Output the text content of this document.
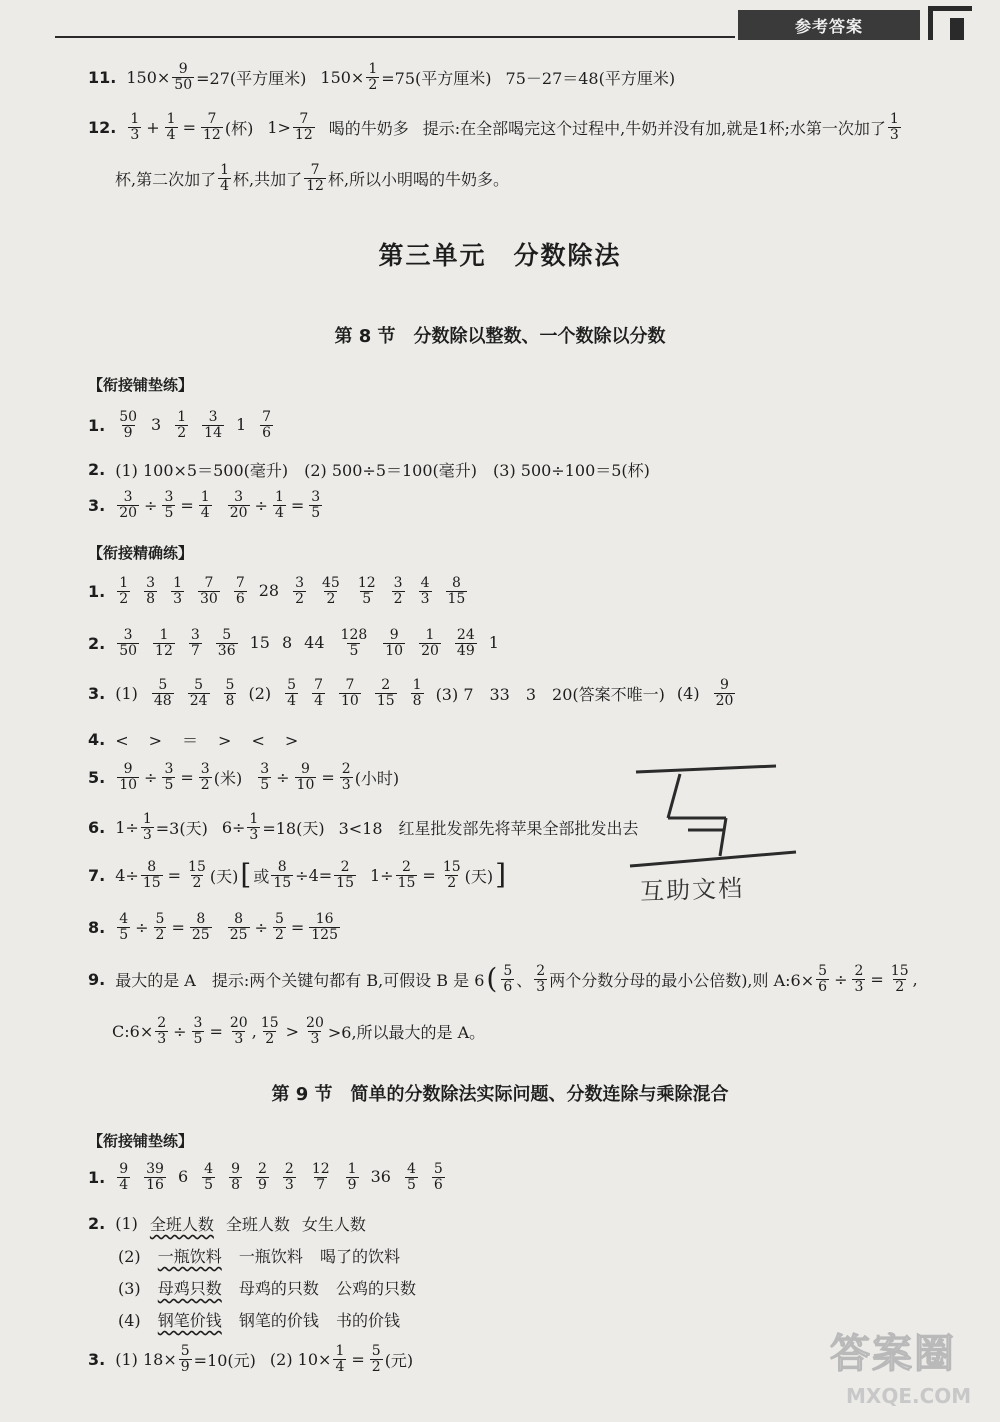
参考答案
11. $150\times \frac{9}{50} =27$(平方厘米) $150\times \frac{1}{2} =75$(平方厘米) 75－27＝48(平方厘米)
12. $\frac{1}{3} + \frac{1}{4} = \frac{7}{12}$ (杯) $1> \frac{7}{12}$ 喝的牛奶多 提示:在全部喝完这个过程中,牛奶并没有加,就是1杯;水第一次加了 $\frac{1}{3}$
杯,第二次加了 $\frac{1}{4}$ 杯,共加了 $\frac{7}{12}$ 杯,所以小明喝的牛奶多。
第三单元　分数除法
第 8 节　分数除以整数、一个数除以分数
【衔接铺垫练】
1. $\frac{50}{9} 3 \frac{1}{2} \frac{3}{14} 1 \frac{7}{6}$
2. (1) 100×5＝500(毫升)　(2) 500÷5＝100(毫升)　(3) 500÷100＝5(杯)
3. $\frac{3}{20} \div \frac{3}{5} = \frac{1}{4} \frac{3}{20} \div \frac{1}{4} = \frac{3}{5}$
【衔接精确练】
1. $\frac{1}{2} \frac{3}{8} \frac{1}{3} \frac{7}{30} \frac{7}{6} 28 \frac{3}{2} \frac{45}{2} \frac{12}{5} \frac{3}{2} \frac{4}{3} \frac{8}{15}$
2. $\frac{3}{50} \frac{1}{12} \frac{3}{7} \frac{5}{36} 15$ 8 $44 \frac{128}{5} \frac{9}{10} \frac{1}{20} \frac{24}{49} 1$
3. $(1) \frac{5}{48} \frac{5}{24} \frac{5}{8} (2) \frac{5}{4} \frac{7}{4} \frac{7}{10} \frac{2}{15} \frac{1}{8} (3)$ 7　33　3　20(答案不唯一) $(4) \frac{9}{20}$
4. <　>　＝　>　<　>
5. $\frac{9}{10} \div \frac{3}{5} = \frac{3}{2}$ (米) $\frac{3}{5} \div \frac{9}{10} = \frac{2}{3}$ (小时)
6. $1\div \frac{1}{3} =3$(天) $6\div \frac{1}{3} =18$(天) 3<18　红星批发部先将苹果全部批发出去
7. $4\div \frac{8}{15} = \frac{15}{2}$ (天) [ 或 $\frac{8}{15} \div 4= \frac{2}{15} 1\div \frac{2}{15} = \frac{15}{2}$ (天) ]
8. $\frac{4}{5} \div \frac{5}{2} = \frac{8}{25} \frac{8}{25} \div \frac{5}{2} = \frac{16}{125}$
9. 最大的是 A　提示:两个关键句都有 B,可假设 B 是 6 ( $\frac{5}{6}$ 、 $\frac{2}{3}$ 两个分数分母的最小公倍数),则 A:6× $\frac{5}{6} \div \frac{2}{3} = \frac{15}{2}$ ,
C:6× $\frac{2}{3} \div \frac{3}{5} = \frac{20}{3}$ , $\frac{15}{2} > \frac{20}{3} >6$,所以最大的是 A。
第 9 节　简单的分数除法实际问题、分数连除与乘除混合
【衔接铺垫练】
1. $\frac{9}{4} \frac{39}{16} 6 \frac{4}{5} \frac{9}{8} \frac{2}{9} \frac{2}{3} \frac{12}{7} \frac{1}{9} 36 \frac{4}{5} \frac{5}{6}$
2. (1) 全班人数 全班人数 女生人数
(2) 一瓶饮料 一瓶饮料 喝了的饮料
(3) 母鸡只数 母鸡的只数 公鸡的只数
(4) 钢笔价钱 钢笔的价钱 书的价钱
3. (1) $18\times \frac{5}{9} =10$(元) (2) $10\times \frac{1}{4} = \frac{5}{2}$ (元)
互助文档
答案圈
MXQE.COM
